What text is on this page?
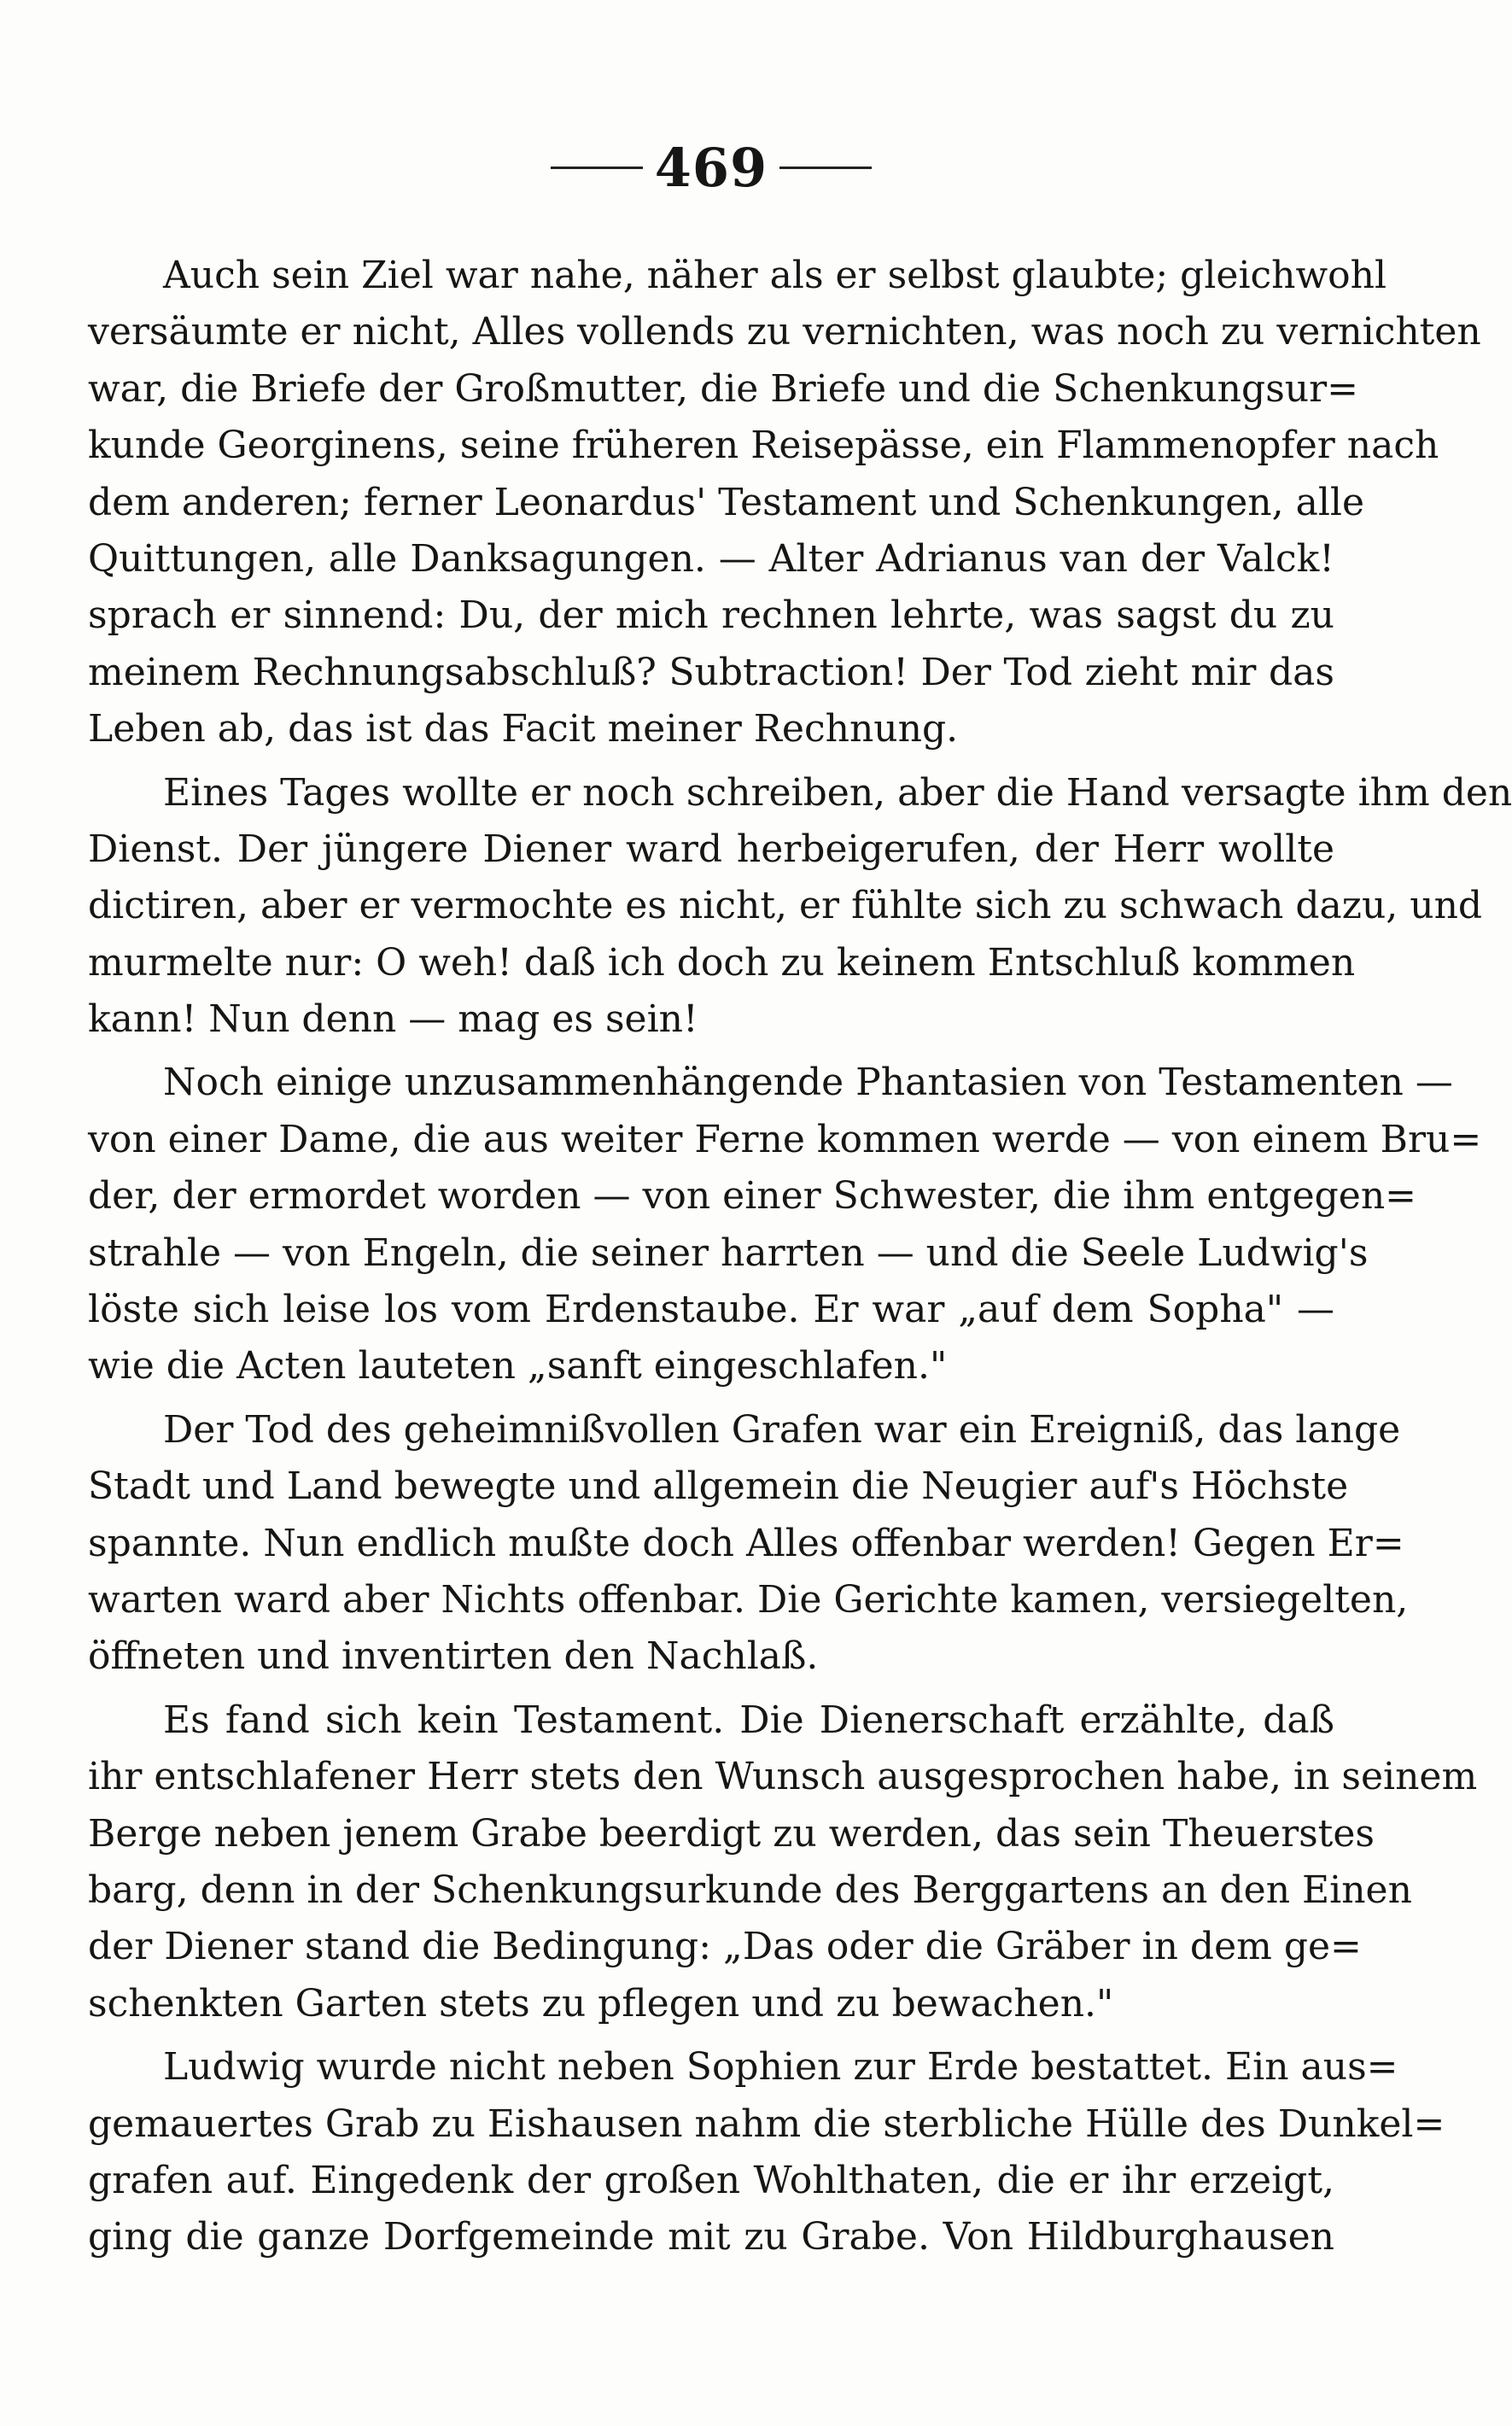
469
Auch sein Ziel war nahe, näher als er selbst glaubte; gleichwohl
versäumte er nicht, Alles vollends zu vernichten, was noch zu vernichten
war, die Briefe der Großmutter, die Briefe und die Schenkungsur=
kunde Georginens, seine früheren Reisepässe, ein Flammenopfer nach
dem anderen; ferner Leonardus' Testament und Schenkungen, alle
Quittungen, alle Danksagungen. — Alter Adrianus van der Valck!
sprach er sinnend: Du, der mich rechnen lehrte, was sagst du zu
meinem Rechnungsabschluß? Subtraction! Der Tod zieht mir das
Leben ab, das ist das Facit meiner Rechnung.
Eines Tages wollte er noch schreiben, aber die Hand versagte ihm den
Dienst. Der jüngere Diener ward herbeigerufen, der Herr wollte
dictiren, aber er vermochte es nicht, er fühlte sich zu schwach dazu, und
murmelte nur: O weh! daß ich doch zu keinem Entschluß kommen
kann! Nun denn — mag es sein!
Noch einige unzusammenhängende Phantasien von Testamenten —
von einer Dame, die aus weiter Ferne kommen werde — von einem Bru=
der, der ermordet worden — von einer Schwester, die ihm entgegen=
strahle — von Engeln, die seiner harrten — und die Seele Ludwig's
löste sich leise los vom Erdenstaube. Er war „auf dem Sopha" —
wie die Acten lauteten „sanft eingeschlafen."
Der Tod des geheimnißvollen Grafen war ein Ereigniß, das lange
Stadt und Land bewegte und allgemein die Neugier auf's Höchste
spannte. Nun endlich mußte doch Alles offenbar werden! Gegen Er=
warten ward aber Nichts offenbar. Die Gerichte kamen, versiegelten,
öffneten und inventirten den Nachlaß.
Es fand sich kein Testament. Die Dienerschaft erzählte, daß
ihr entschlafener Herr stets den Wunsch ausgesprochen habe, in seinem
Berge neben jenem Grabe beerdigt zu werden, das sein Theuerstes
barg, denn in der Schenkungsurkunde des Berggartens an den Einen
der Diener stand die Bedingung: „Das oder die Gräber in dem ge=
schenkten Garten stets zu pflegen und zu bewachen."
Ludwig wurde nicht neben Sophien zur Erde bestattet. Ein aus=
gemauertes Grab zu Eishausen nahm die sterbliche Hülle des Dunkel=
grafen auf. Eingedenk der großen Wohlthaten, die er ihr erzeigt,
ging die ganze Dorfgemeinde mit zu Grabe. Von Hildburghausen
